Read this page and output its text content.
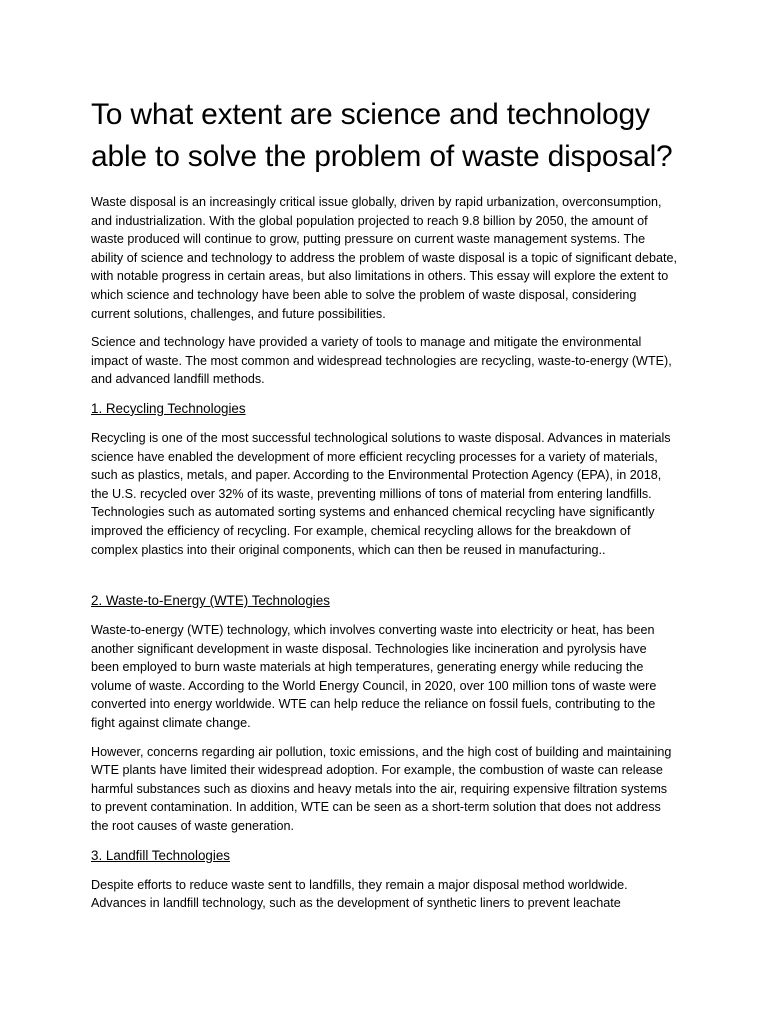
To what extent are science and technology able to solve the problem of waste disposal?

Waste disposal is an increasingly critical issue globally, driven by rapid urbanization, overconsumption, and industrialization. With the global population projected to reach 9.8 billion by 2050, the amount of waste produced will continue to grow, putting pressure on current waste management systems. The ability of science and technology to address the problem of waste disposal is a topic of significant debate, with notable progress in certain areas, but also limitations in others. This essay will explore the extent to which science and technology have been able to solve the problem of waste disposal, considering current solutions, challenges, and future possibilities.

Science and technology have provided a variety of tools to manage and mitigate the environmental impact of waste. The most common and widespread technologies are recycling, waste-to-energy (WTE), and advanced landfill methods.

1. Recycling Technologies

Recycling is one of the most successful technological solutions to waste disposal. Advances in materials science have enabled the development of more efficient recycling processes for a variety of materials, such as plastics, metals, and paper. According to the Environmental Protection Agency (EPA), in 2018, the U.S. recycled over 32% of its waste, preventing millions of tons of material from entering landfills. Technologies such as automated sorting systems and enhanced chemical recycling have significantly improved the efficiency of recycling. For example, chemical recycling allows for the breakdown of complex plastics into their original components, which can then be reused in manufacturing..

2. Waste-to-Energy (WTE) Technologies

Waste-to-energy (WTE) technology, which involves converting waste into electricity or heat, has been another significant development in waste disposal. Technologies like incineration and pyrolysis have been employed to burn waste materials at high temperatures, generating energy while reducing the volume of waste. According to the World Energy Council, in 2020, over 100 million tons of waste were converted into energy worldwide. WTE can help reduce the reliance on fossil fuels, contributing to the fight against climate change.

However, concerns regarding air pollution, toxic emissions, and the high cost of building and maintaining WTE plants have limited their widespread adoption. For example, the combustion of waste can release harmful substances such as dioxins and heavy metals into the air, requiring expensive filtration systems to prevent contamination. In addition, WTE can be seen as a short-term solution that does not address the root causes of waste generation.

3. Landfill Technologies

Despite efforts to reduce waste sent to landfills, they remain a major disposal method worldwide. Advances in landfill technology, such as the development of synthetic liners to prevent leachate
